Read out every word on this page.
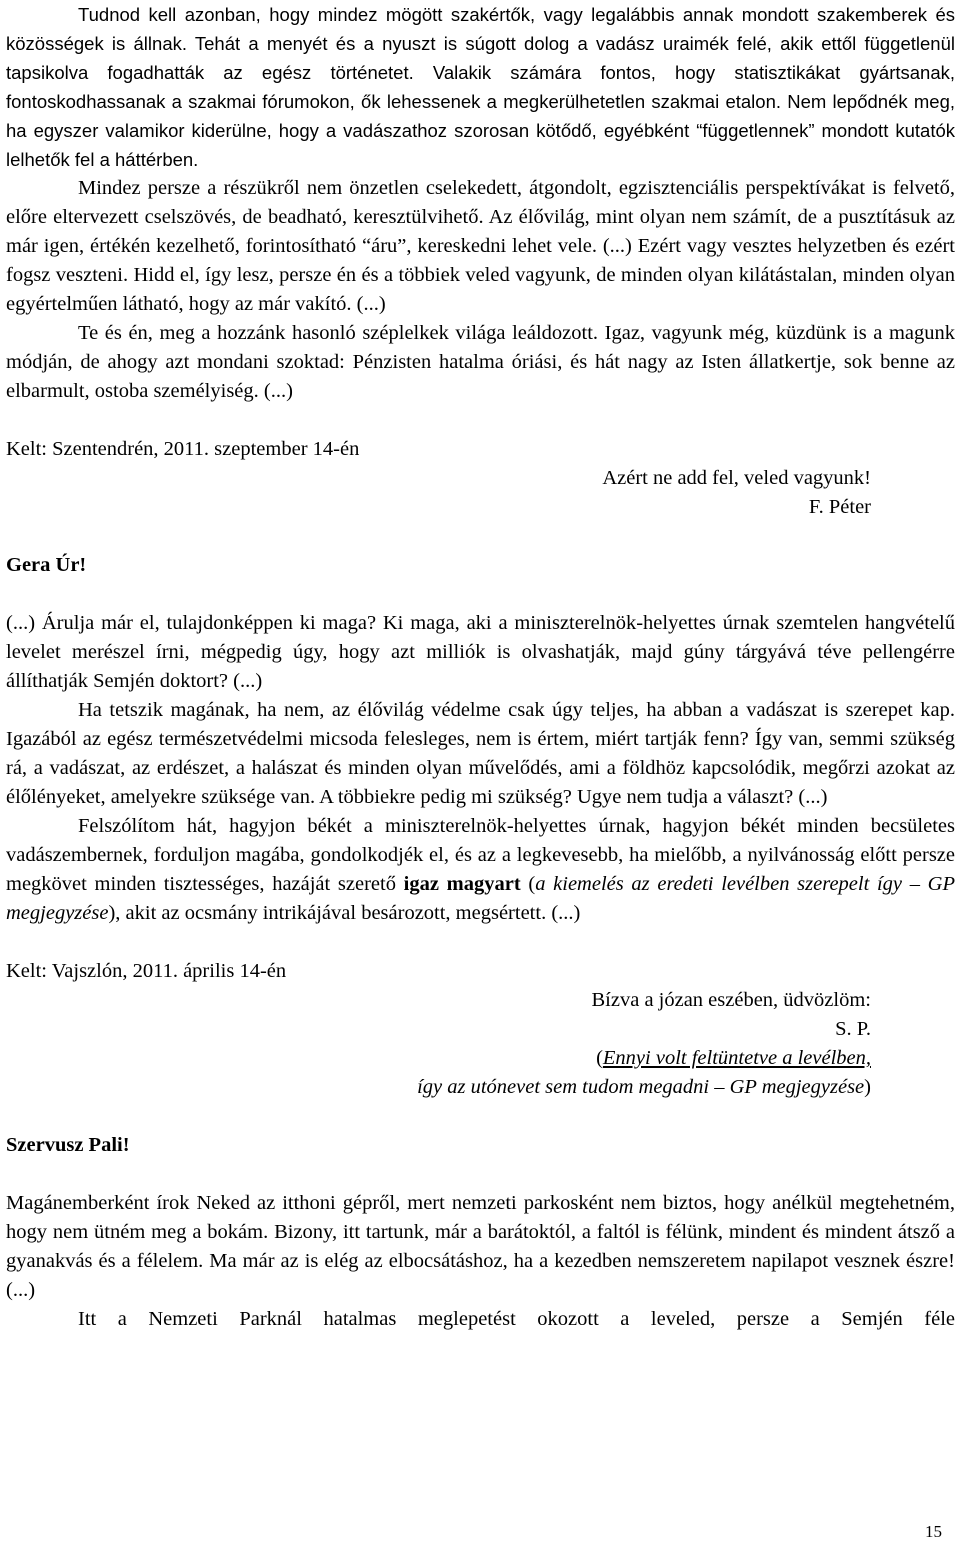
Tudnod kell azonban, hogy mindez mögött szakértők, vagy legalábbis annak mondott szakemberek és közösségek is állnak. Tehát a menyét és a nyuszt is súgott dolog a vadász uraimék felé, akik ettől függetlenül tapsikolva fogadhatták az egész történetet. Valakik számára fontos, hogy statisztikákat gyártsanak, fontoskodhassanak a szakmai fórumokon, ők lehessenek a megkerülhetetlen szakmai etalon. Nem lepődnék meg, ha egyszer valamikor kiderülne, hogy a vadászathoz szorosan kötődő, egyébként “függetlennek” mondott kutatók lelhetők fel a háttérben.

Mindez persze a részükről nem önzetlen cselekedett, átgondolt, egzisztenciális perspektívákat is felvető, előre eltervezett cselszövés, de beadható, keresztülvihető. Az élővilág, mint olyan nem számít, de a pusztításuk az már igen, értékén kezelhető, forintosítható “áru”, kereskedni lehet vele. (...) Ezért vagy vesztes helyzetben és ezért fogsz veszteni. Hidd el, így lesz, persze én és a többiek veled vagyunk, de minden olyan kilátástalan, minden olyan egyértelműen látható, hogy az már vakító. (...)

Te és én, meg a hozzánk hasonló széplelkek világa leáldozott. Igaz, vagyunk még, küzdünk is a magunk módján, de ahogy azt mondani szoktad: Pénzisten hatalma óriási, és hát nagy az Isten állatkertje, sok benne az elbarmult, ostoba személyiség. (...)

Kelt: Szentendrén, 2011. szeptember 14-én

Azért ne add fel, veled vagyunk!
F. Péter

Gera Úr!

(...) Árulja már el, tulajdonképpen ki maga? Ki maga, aki a miniszterelnök-helyettes úrnak szemtelen hangvételű levelet merészel írni, mégpedig úgy, hogy azt milliók is olvashatják, majd gúny tárgyává téve pellengérre állíthatják Semjén doktort? (...)

Ha tetszik magának, ha nem, az élővilág védelme csak úgy teljes, ha abban a vadászat is szerepet kap. Igazából az egész természetvédelmi micsoda felesleges, nem is értem, miért tartják fenn? Így van, semmi szükség rá, a vadászat, az erdészet, a halászat és minden olyan művelődés, ami a földhöz kapcsolódik, megőrzi azokat az élőlényeket, amelyekre szüksége van. A többiekre pedig mi szükség? Ugye nem tudja a választ? (...)

Felszólítom hát, hagyjon békét a miniszterelnök-helyettes úrnak, hagyjon békét minden becsületes vadászembernek, forduljon magába, gondolkodjék el, és az a legkevesebb, ha mielőbb, a nyilvánosság előtt persze megkövet minden tisztességes, hazáját szerető igaz magyart (a kiemelés az eredeti levélben szerepelt így – GP megjegyzése), akit az ocsmány intrikájával besározott, megsértett. (...)

Kelt: Vajszlón, 2011. április 14-én

Bízva a józan eszében, üdvözlöm:
S. P.
(Ennyi volt feltüntetve a levélben,
így az utónevet sem tudom megadni – GP megjegyzése)

Szervusz Pali!

Magánemberként írok Neked az itthoni gépről, mert nemzeti parkosként nem biztos, hogy anélkül megtehetném, hogy nem ütném meg a bokám. Bizony, itt tartunk, már a barátoktól, a faltól is félünk, mindent és mindent átsző a gyanakvás és a félelem. Ma már az is elég az elbocsátáshoz, ha a kezedben nemszeretem napilapot vesznek észre! (...)

Itt a Nemzeti Parknál hatalmas meglepetést okozott a leveled, persze a Semjén féle

15
